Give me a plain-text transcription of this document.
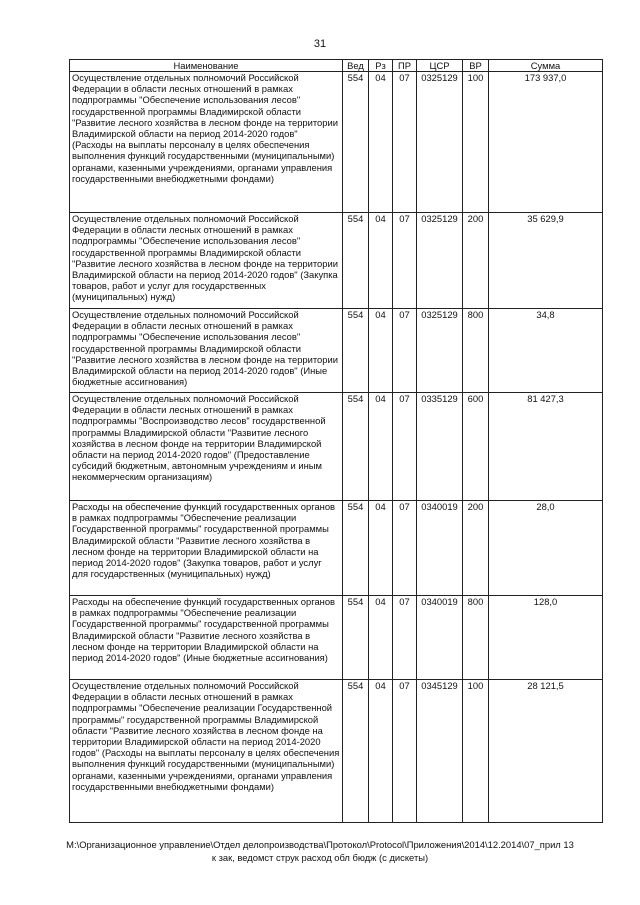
31
Наименование	Вед	Рз	ПР	ЦСР	ВР	Сумма
Осуществление отдельных полномочий Российской Федерации в области лесных отношений в рамках подпрограммы "Обеспечение использования лесов" государственной программы Владимирской области "Развитие лесного хозяйства в лесном фонде на территории Владимирской области на период 2014-2020 годов" (Расходы на выплаты персоналу в целях обеспечения выполнения функций государственными (муниципальными) органами, казенными учреждениями, органами управления государственными внебюджетными фондами)	554	04	07	0325129	100	173 937,0
Осуществление отдельных полномочий Российской Федерации в области лесных отношений в рамках подпрограммы "Обеспечение использования лесов" государственной программы Владимирской области "Развитие лесного хозяйства в лесном фонде на территории Владимирской области на период 2014-2020 годов" (Закупка товаров, работ и услуг для государственных (муниципальных) нужд)	554	04	07	0325129	200	35 629,9
Осуществление отдельных полномочий Российской Федерации в области лесных отношений в рамках подпрограммы "Обеспечение использования лесов" государственной программы Владимирской области "Развитие лесного хозяйства в лесном фонде на территории Владимирской области на период 2014-2020 годов" (Иные бюджетные ассигнования)	554	04	07	0325129	800	34,8
Осуществление отдельных полномочий Российской Федерации в области лесных отношений в рамках подпрограммы "Воспроизводство лесов" государственной программы Владимирской области "Развитие лесного хозяйства в лесном фонде на территории Владимирской области на период 2014-2020 годов" (Предоставление субсидий бюджетным, автономным учреждениям и иным некоммерческим организациям)	554	04	07	0335129	600	81 427,3
Расходы на обеспечение функций государственных органов в рамках подпрограммы "Обеспечение реализации Государственной программы" государственной программы Владимирской области "Развитие лесного хозяйства в лесном фонде на территории Владимирской области на период 2014-2020 годов" (Закупка товаров, работ и услуг для государственных (муниципальных) нужд)	554	04	07	0340019	200	28,0
Расходы на обеспечение функций государственных органов в рамках подпрограммы "Обеспечение реализации Государственной программы" государственной программы Владимирской области "Развитие лесного хозяйства в лесном фонде на территории Владимирской области на период 2014-2020 годов" (Иные бюджетные ассигнования)	554	04	07	0340019	800	128,0
Осуществление отдельных полномочий Российской Федерации в области лесных отношений в рамках подпрограммы "Обеспечение реализации Государственной программы" государственной программы Владимирской области "Развитие лесного хозяйства в лесном фонде на территории Владимирской области на период 2014-2020 годов" (Расходы на выплаты персоналу в целях обеспечения выполнения функций государственными (муниципальными) органами, казенными учреждениями, органами управления государственными внебюджетными фондами)	554	04	07	0345129	100	28 121,5
M:\Организационное управление\Отдел делопроизводства\Протокол\Protocol\Приложения\2014\12.2014\07_прил 13
к зак, ведомст струк расход обл бюдж (с дискеты)
